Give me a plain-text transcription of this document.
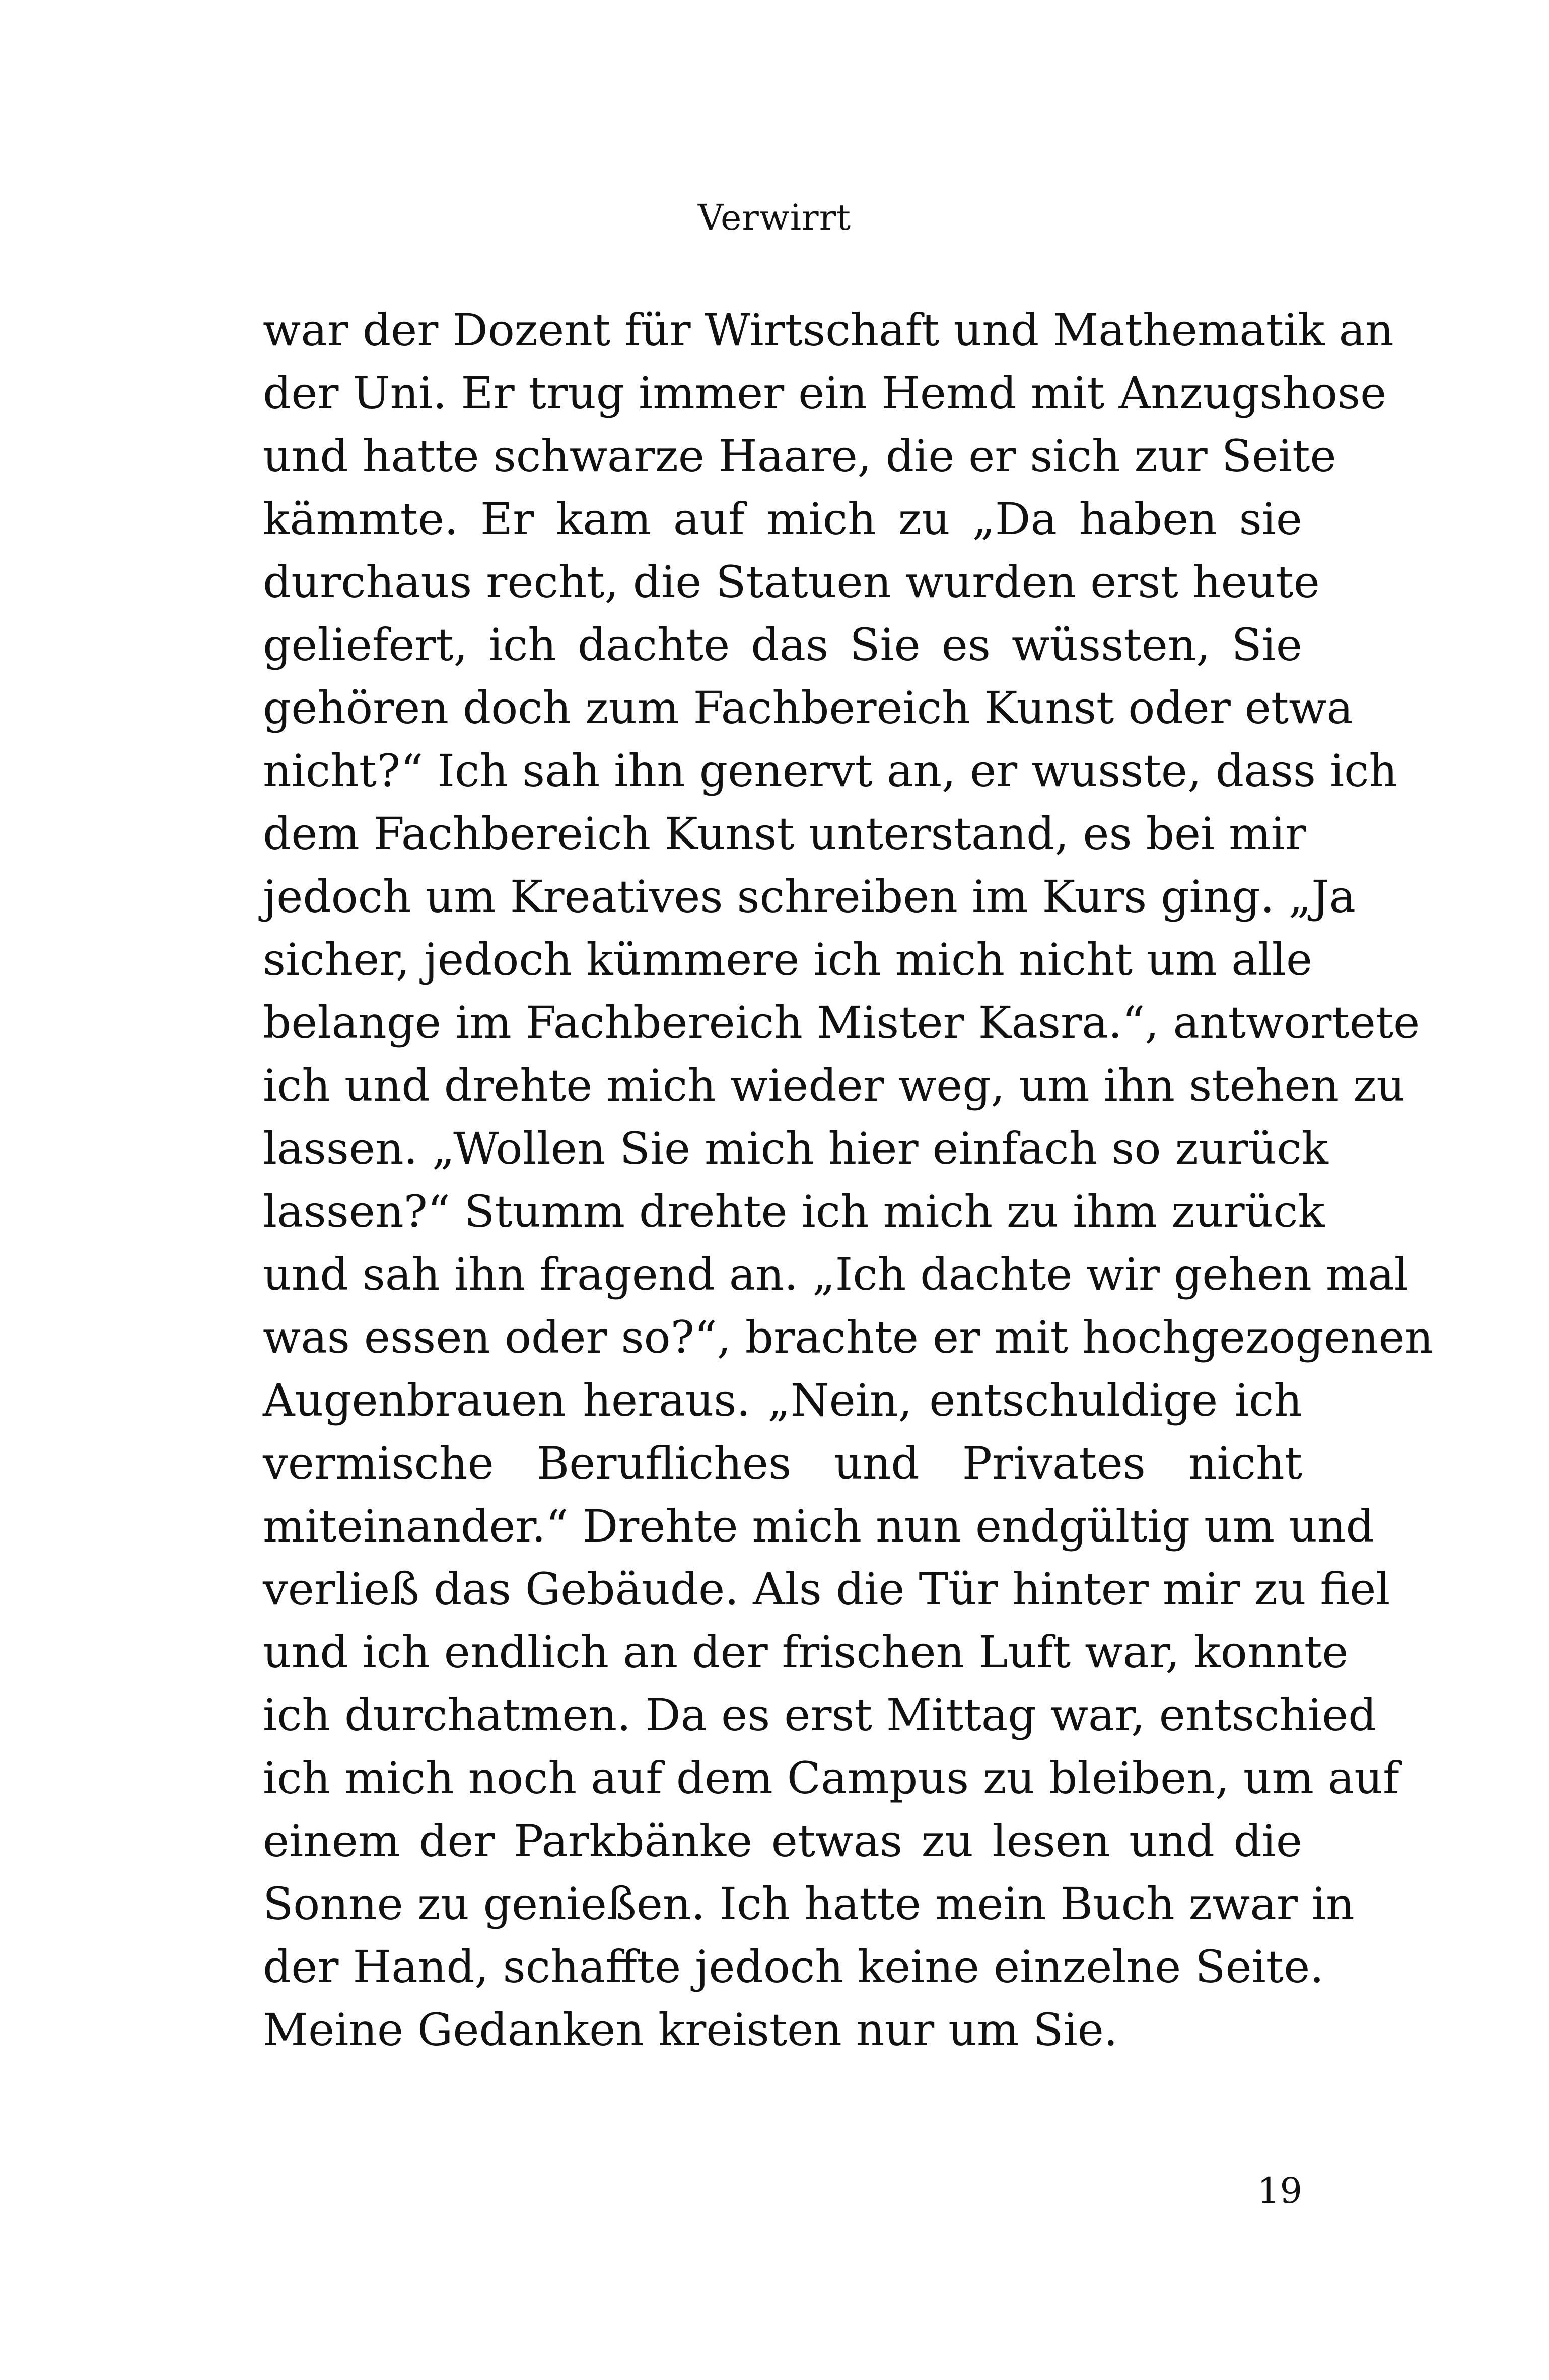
Verwirrt
war der Dozent für Wirtschaft und Mathematik an
der Uni. Er trug immer ein Hemd mit Anzugshose
und hatte schwarze Haare, die er sich zur Seite
kämmte. Er kam auf mich zu „Da haben sie
durchaus recht, die Statuen wurden erst heute
geliefert, ich dachte das Sie es wüssten, Sie
gehören doch zum Fachbereich Kunst oder etwa
nicht?“ Ich sah ihn genervt an, er wusste, dass ich
dem Fachbereich Kunst unterstand, es bei mir
jedoch um Kreatives schreiben im Kurs ging. „Ja
sicher, jedoch kümmere ich mich nicht um alle
belange im Fachbereich Mister Kasra.“, antwortete
ich und drehte mich wieder weg, um ihn stehen zu
lassen. „Wollen Sie mich hier einfach so zurück
lassen?“ Stumm drehte ich mich zu ihm zurück
und sah ihn fragend an. „Ich dachte wir gehen mal
was essen oder so?“, brachte er mit hochgezogenen
Augenbrauen heraus. „Nein, entschuldige ich
vermische Berufliches und Privates nicht
miteinander.“ Drehte mich nun endgültig um und
verließ das Gebäude. Als die Tür hinter mir zu fiel
und ich endlich an der frischen Luft war, konnte
ich durchatmen. Da es erst Mittag war, entschied
ich mich noch auf dem Campus zu bleiben, um auf
einem der Parkbänke etwas zu lesen und die
Sonne zu genießen. Ich hatte mein Buch zwar in
der Hand, schaffte jedoch keine einzelne Seite.
Meine Gedanken kreisten nur um Sie.
19
